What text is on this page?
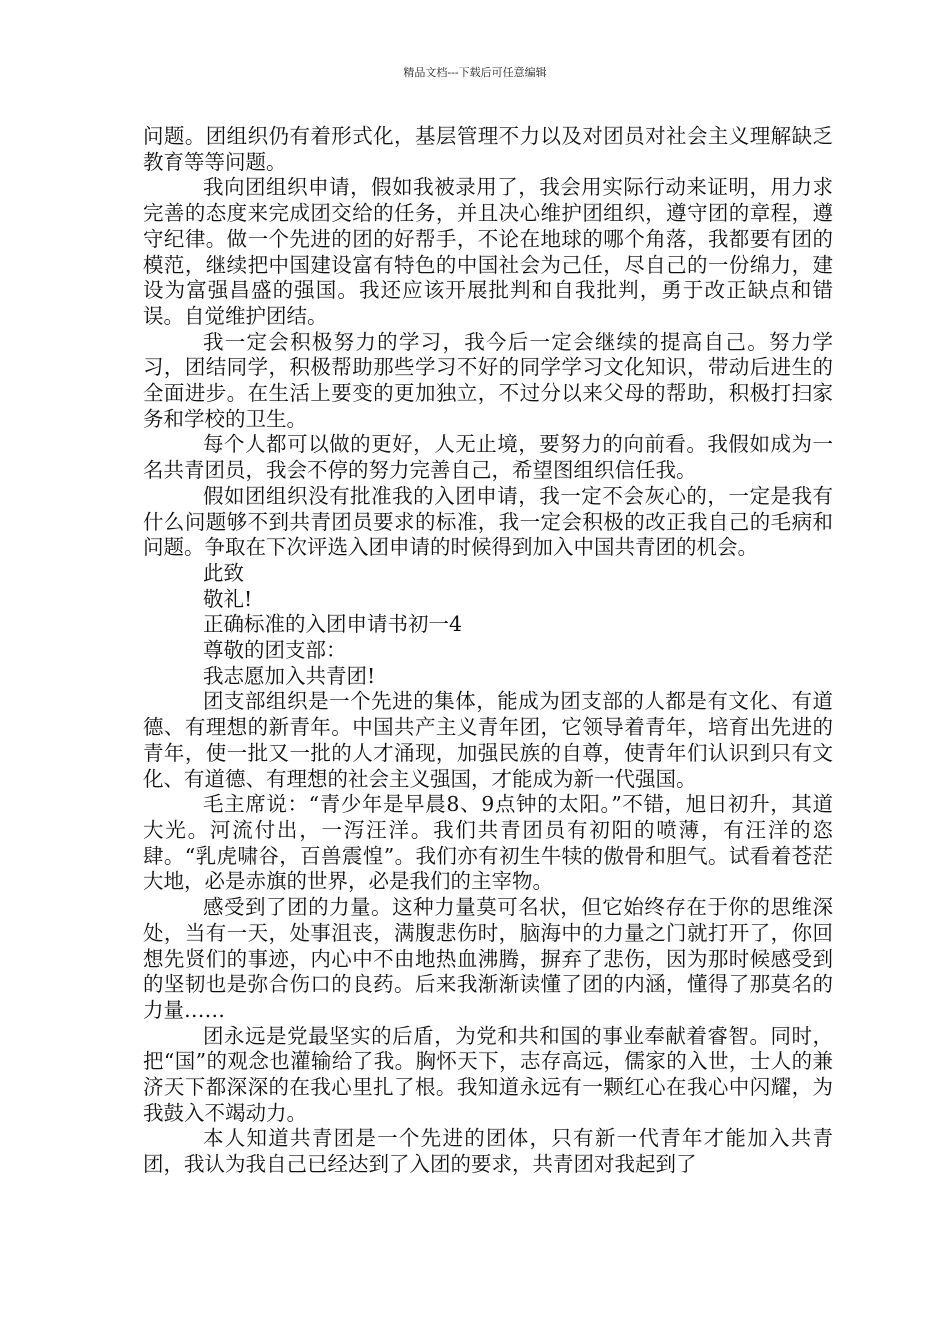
精品文档---下载后可任意编辑

问题。团组织仍有着形式化，基层管理不力以及对团员对社会主义理解缺乏教育等等问题。

我向团组织申请，假如我被录用了，我会用实际行动来证明，用力求完善的态度来完成团交给的任务，并且决心维护团组织，遵守团的章程，遵守纪律。做一个先进的团的好帮手，不论在地球的哪个角落，我都要有团的模范，继续把中国建设富有特色的中国社会为己任，尽自己的一份绵力，建设为富强昌盛的强国。我还应该开展批判和自我批判，勇于改正缺点和错误。自觉维护团结。

我一定会积极努力的学习，我今后一定会继续的提高自己。努力学习，团结同学，积极帮助那些学习不好的同学学习文化知识，带动后进生的全面进步。在生活上要变的更加独立，不过分以来父母的帮助，积极打扫家务和学校的卫生。

每个人都可以做的更好，人无止境，要努力的向前看。我假如成为一名共青团员，我会不停的努力完善自己，希望图组织信任我。

假如团组织没有批准我的入团申请，我一定不会灰心的，一定是我有什么问题够不到共青团员要求的标准，我一定会积极的改正我自己的毛病和问题。争取在下次评选入团申请的时候得到加入中国共青团的机会。

此致

敬礼!

正确标准的入团申请书初一4

尊敬的团支部：

我志愿加入共青团!

团支部组织是一个先进的集体，能成为团支部的人都是有文化、有道德、有理想的新青年。中国共产主义青年团，它领导着青年，培育出先进的青年，使一批又一批的人才涌现，加强民族的自尊，使青年们认识到只有文化、有道德、有理想的社会主义强国，才能成为新一代强国。

毛主席说：“青少年是早晨8、9点钟的太阳。”不错，旭日初升，其道大光。河流付出，一泻汪洋。我们共青团员有初阳的喷薄，有汪洋的恣肆。“乳虎啸谷，百兽震惶”。我们亦有初生牛犊的傲骨和胆气。试看着苍茫大地，必是赤旗的世界，必是我们的主宰物。

感受到了团的力量。这种力量莫可名状，但它始终存在于你的思维深处，当有一天，处事沮丧，满腹悲伤时，脑海中的力量之门就打开了，你回想先贤们的事迹，内心中不由地热血沸腾，摒弃了悲伤，因为那时候感受到的坚韧也是弥合伤口的良药。后来我渐渐读懂了团的内涵，懂得了那莫名的力量……

团永远是党最坚实的后盾，为党和共和国的事业奉献着睿智。同时，把“国”的观念也灌输给了我。胸怀天下，志存高远，儒家的入世，士人的兼济天下都深深的在我心里扎了根。我知道永远有一颗红心在我心中闪耀，为我鼓入不竭动力。

本人知道共青团是一个先进的团体，只有新一代青年才能加入共青团，我认为我自己已经达到了入团的要求，共青团对我起到了
